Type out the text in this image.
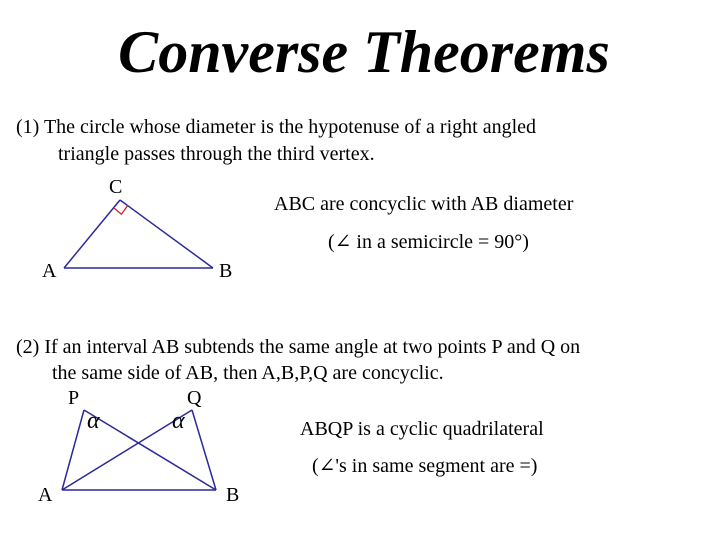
Converse Theorems
(1) The circle whose diameter is the hypotenuse of a right angled
triangle passes through the third vertex.
C
A	B
ABC are concyclic with AB diameter
(∠ in a semicircle = 90°)
(2) If an interval AB subtends the same angle at two points P and Q on
the same side of AB, then A,B,P,Q are concyclic.
P	Q
α	α
A	B
ABQP is a cyclic quadrilateral
(∠'s in same segment are =)
